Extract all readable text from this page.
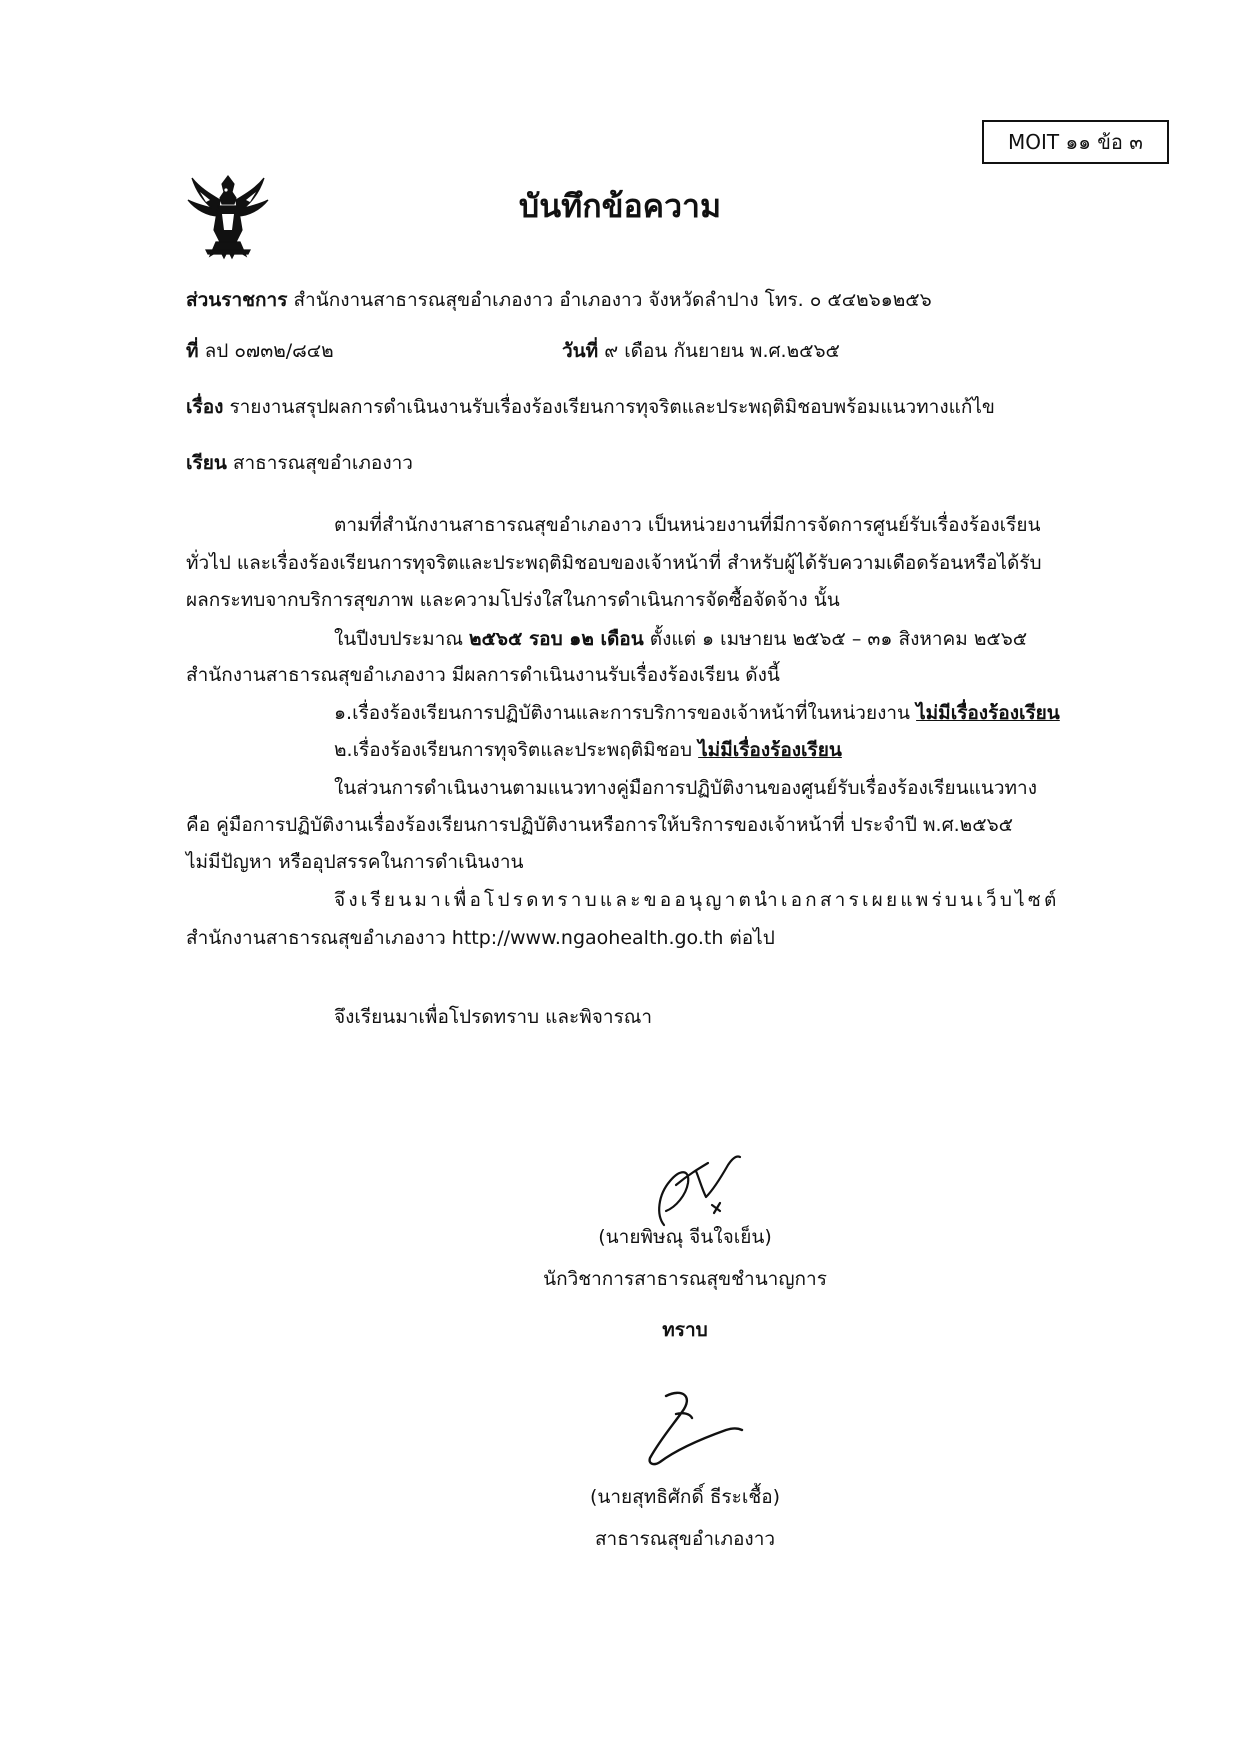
MOIT ๑๑ ข้อ ๓
บันทึกข้อความ
ส่วนราชการ สำนักงานสาธารณสุขอำเภองาว อำเภองาว จังหวัดลำปาง โทร. ๐ ๕๔๒๖๑๒๕๖
ที่ ลป ๐๗๓๒/๘๔๒	วันที่ ๙ เดือน กันยายน พ.ศ.๒๕๖๕
เรื่อง รายงานสรุปผลการดำเนินงานรับเรื่องร้องเรียนการทุจริตและประพฤติมิชอบพร้อมแนวทางแก้ไข
เรียน สาธารณสุขอำเภองาว
ตามที่สำนักงานสาธารณสุขอำเภองาว เป็นหน่วยงานที่มีการจัดการศูนย์รับเรื่องร้องเรียน
ทั่วไป และเรื่องร้องเรียนการทุจริตและประพฤติมิชอบของเจ้าหน้าที่ สำหรับผู้ได้รับความเดือดร้อนหรือได้รับ
ผลกระทบจากบริการสุขภาพ และความโปร่งใสในการดำเนินการจัดซื้อจัดจ้าง นั้น
ในปีงบประมาณ ๒๕๖๕ รอบ ๑๒ เดือน ตั้งแต่ ๑ เมษายน ๒๕๖๕ – ๓๑ สิงหาคม ๒๕๖๕
สำนักงานสาธารณสุขอำเภองาว มีผลการดำเนินงานรับเรื่องร้องเรียน ดังนี้
๑.เรื่องร้องเรียนการปฏิบัติงานและการบริการของเจ้าหน้าที่ในหน่วยงาน ไม่มีเรื่องร้องเรียน
๒.เรื่องร้องเรียนการทุจริตและประพฤติมิชอบ ไม่มีเรื่องร้องเรียน
ในส่วนการดำเนินงานตามแนวทางคู่มือการปฏิบัติงานของศูนย์รับเรื่องร้องเรียนแนวทาง
คือ คู่มือการปฏิบัติงานเรื่องร้องเรียนการปฏิบัติงานหรือการให้บริการของเจ้าหน้าที่ ประจำปี พ.ศ.๒๕๖๕
ไม่มีปัญหา หรืออุปสรรคในการดำเนินงาน
จึงเรียนมาเพื่อโปรดทราบและขออนุญาตนำเอกสารเผยแพร่บนเว็บไซต์
สำนักงานสาธารณสุขอำเภองาว http://www.ngaohealth.go.th ต่อไป
จึงเรียนมาเพื่อโปรดทราบ และพิจารณา
(นายพิษณุ จีนใจเย็น)
นักวิชาการสาธารณสุขชำนาญการ
ทราบ
(นายสุทธิศักดิ์ ธีระเชื้อ)
สาธารณสุขอำเภองาว
